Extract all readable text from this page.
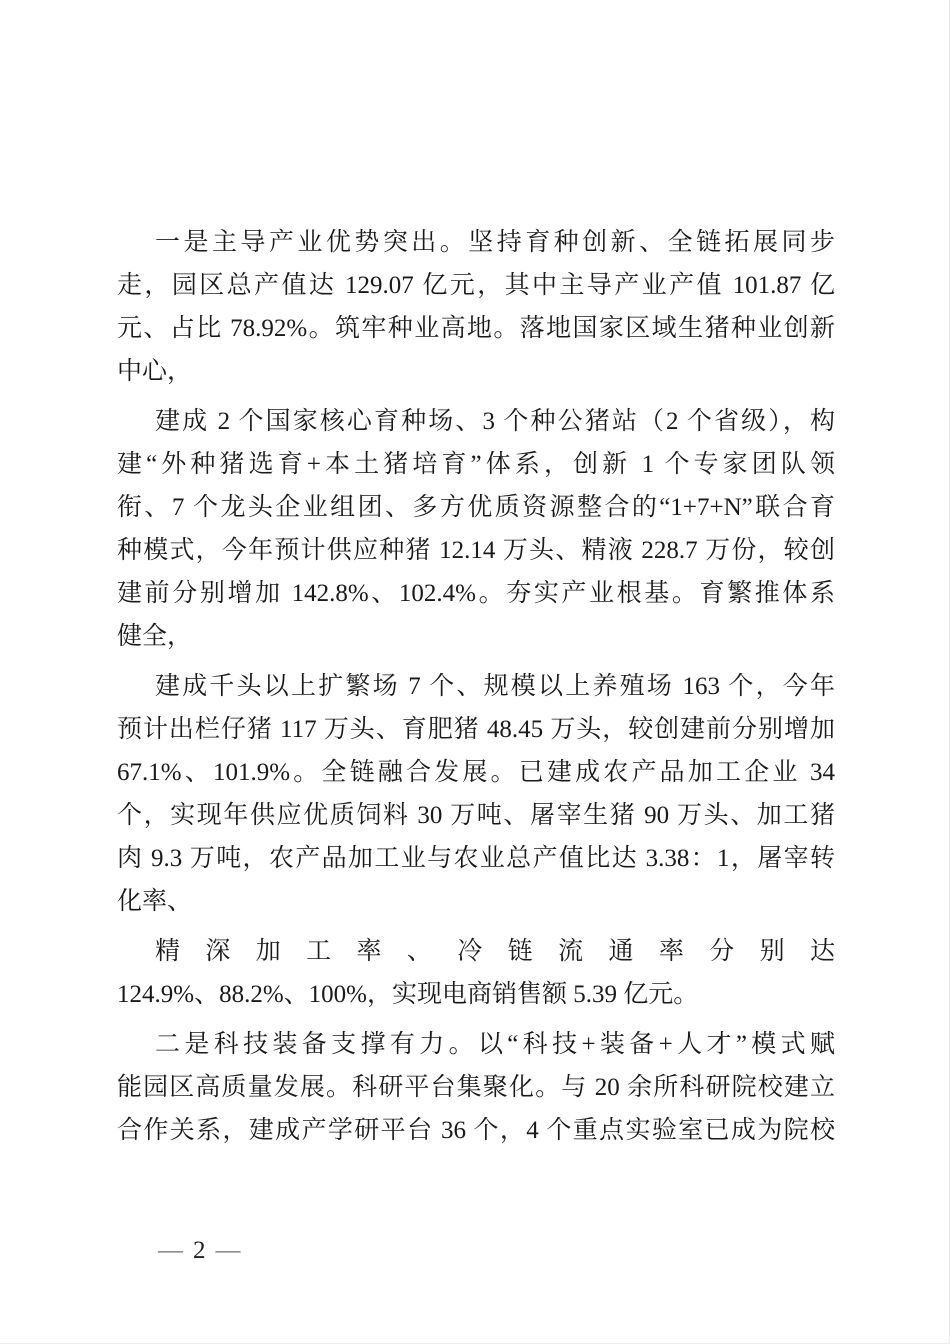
一是主导产业优势突出。坚持育种创新、全链拓展同步
走，园区总产值达 129.07 亿元，其中主导产业产值 101.87 亿
元、占比 78.92%。筑牢种业高地。落地国家区域生猪种业创新
中心，
建成 2 个国家核心育种场、3 个种公猪站（2 个省级），构
建“外种猪选育+本土猪培育”体系，创新 1 个专家团队领
衔、7 个龙头企业组团、多方优质资源整合的“1+7+N”联合育
种模式，今年预计供应种猪 12.14 万头、精液 228.7 万份，较创
建前分别增加 142.8%、102.4%。夯实产业根基。育繁推体系
健全，
建成千头以上扩繁场 7 个、规模以上养殖场 163 个，今年
预计出栏仔猪 117 万头、育肥猪 48.45 万头，较创建前分别增加
67.1%、101.9%。全链融合发展。已建成农产品加工企业 34
个，实现年供应优质饲料 30 万吨、屠宰生猪 90 万头、加工猪
肉 9.3 万吨，农产品加工业与农业总产值比达 3.38：1，屠宰转
化率、
精深加工率、冷链流通率分别达
124.9%、88.2%、100%，实现电商销售额 5.39 亿元。
二是科技装备支撑有力。以“科技+装备+人才”模式赋
能园区高质量发展。科研平台集聚化。与 20 余所科研院校建立
合作关系，建成产学研平台 36 个，4 个重点实验室已成为院校
— 2 —
